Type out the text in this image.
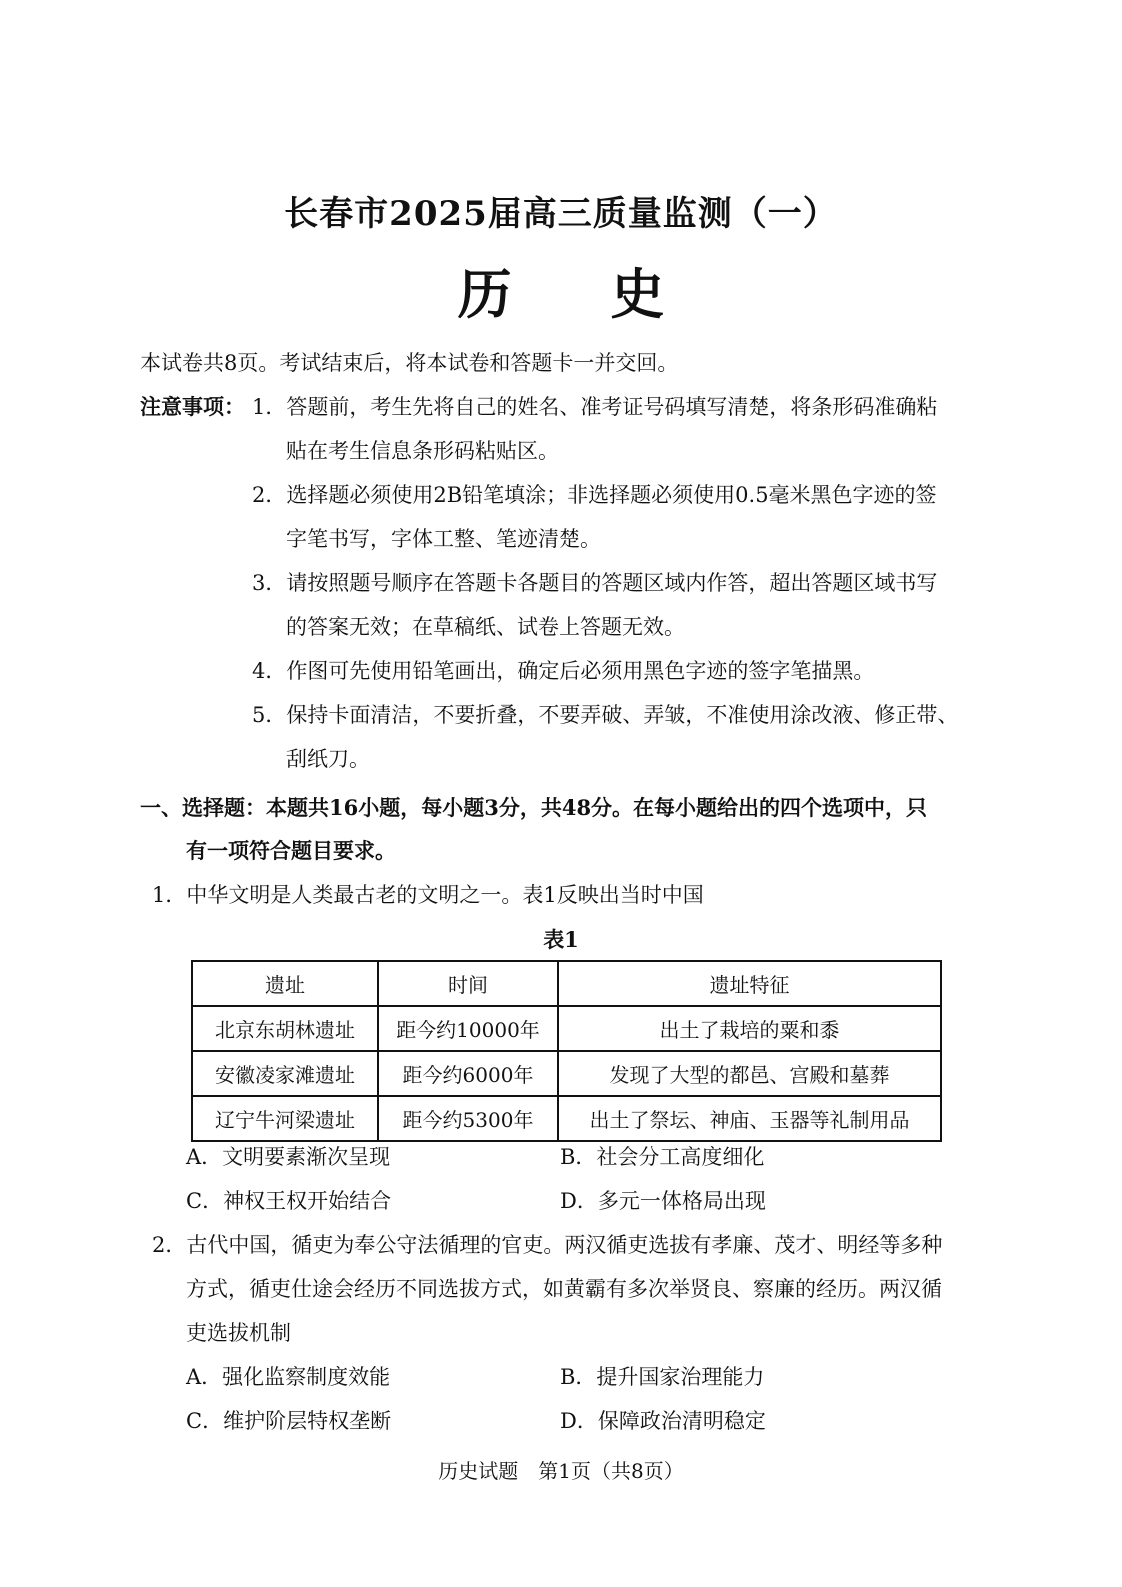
长春市2025届高三质量监测（一）
历 史
本试卷共8页。考试结束后，将本试卷和答题卡一并交回。
注意事项： 1．答题前，考生先将自己的姓名、准考证号码填写清楚，将条形码准确粘
贴在考生信息条形码粘贴区。
2．选择题必须使用2B铅笔填涂；非选择题必须使用0.5毫米黑色字迹的签
字笔书写，字体工整、笔迹清楚。
3．请按照题号顺序在答题卡各题目的答题区域内作答，超出答题区域书写
的答案无效；在草稿纸、试卷上答题无效。
4．作图可先使用铅笔画出，确定后必须用黑色字迹的签字笔描黑。
5．保持卡面清洁，不要折叠，不要弄破、弄皱，不准使用涂改液、修正带、
刮纸刀。
一、选择题：本题共16小题，每小题3分，共48分。在每小题给出的四个选项中，只
有一项符合题目要求。
1．中华文明是人类最古老的文明之一。表1反映出当时中国
表1
遗址	时间	遗址特征
北京东胡林遗址	距今约10000年	出土了栽培的粟和黍
安徽凌家滩遗址	距今约6000年	发现了大型的都邑、宫殿和墓葬
辽宁牛河梁遗址	距今约5300年	出土了祭坛、神庙、玉器等礼制用品
A．文明要素渐次呈现	B．社会分工高度细化
C．神权王权开始结合	D．多元一体格局出现
2．古代中国，循吏为奉公守法循理的官吏。两汉循吏选拔有孝廉、茂才、明经等多种
方式，循吏仕途会经历不同选拔方式，如黄霸有多次举贤良、察廉的经历。两汉循
吏选拔机制
A．强化监察制度效能	B．提升国家治理能力
C．维护阶层特权垄断	D．保障政治清明稳定
历史试题　第1页（共8页）
